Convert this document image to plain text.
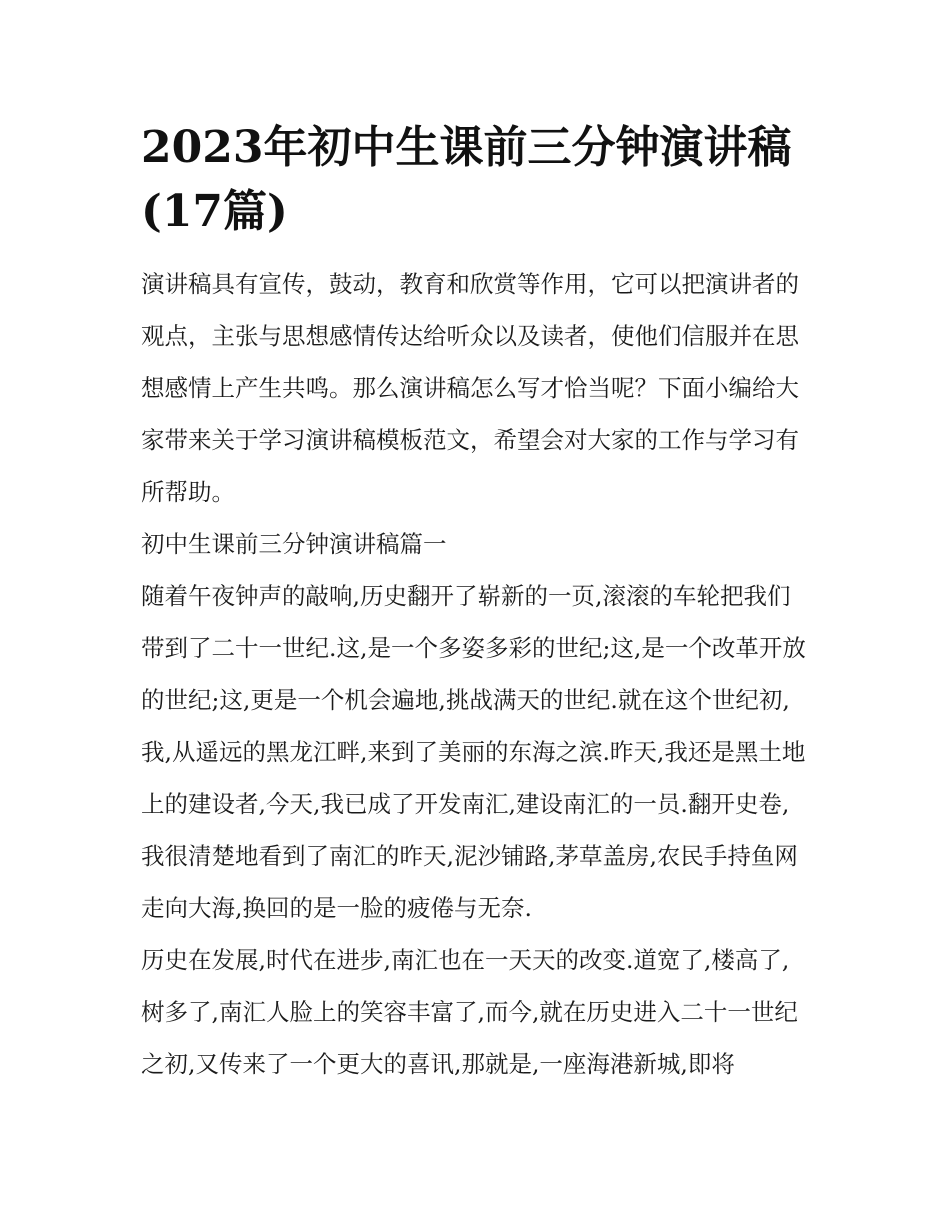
2023年初中生课前三分钟演讲稿(17篇)

演讲稿具有宣传，鼓动，教育和欣赏等作用，它可以把演讲者的观点，主张与思想感情传达给听众以及读者，使他们信服并在思想感情上产生共鸣。那么演讲稿怎么写才恰当呢？下面小编给大家带来关于学习演讲稿模板范文，希望会对大家的工作与学习有所帮助。

初中生课前三分钟演讲稿篇一

随着午夜钟声的敲响,历史翻开了崭新的一页,滚滚的车轮把我们带到了二十一世纪.这,是一个多姿多彩的世纪;这,是一个改革开放的世纪;这,更是一个机会遍地,挑战满天的世纪.就在这个世纪初,我,从遥远的黑龙江畔,来到了美丽的东海之滨.昨天,我还是黑土地上的建设者,今天,我已成了开发南汇,建设南汇的一员.翻开史卷,我很清楚地看到了南汇的昨天,泥沙铺路,茅草盖房,农民手持鱼网走向大海,换回的是一脸的疲倦与无奈.

历史在发展,时代在进步,南汇也在一天天的改变.道宽了,楼高了,树多了,南汇人脸上的笑容丰富了,而今,就在历史进入二十一世纪之初,又传来了一个更大的喜讯,那就是,一座海港新城,即将
